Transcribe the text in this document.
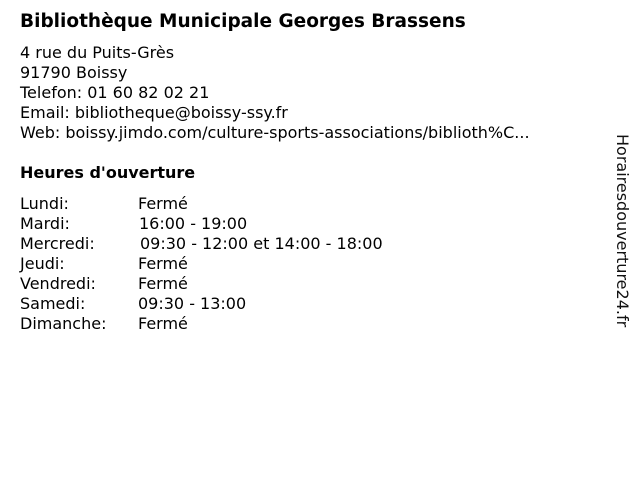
Bibliothèque Municipale Georges Brassens
4 rue du Puits-Grès
91790 Boissy
Telefon: 01 60 82 02 21
Email: bibliotheque@boissy-ssy.fr
Web: boissy.jimdo.com/culture-sports-associations/biblioth%C...
Heures d'ouverture
Lundi:	Fermé
Mardi:	16:00 - 19:00
Mercredi:	09:30 - 12:00 et 14:00 - 18:00
Jeudi:	Fermé
Vendredi:	Fermé
Samedi:	09:30 - 13:00
Dimanche: Fermé	Horairesdouverture24.fr
